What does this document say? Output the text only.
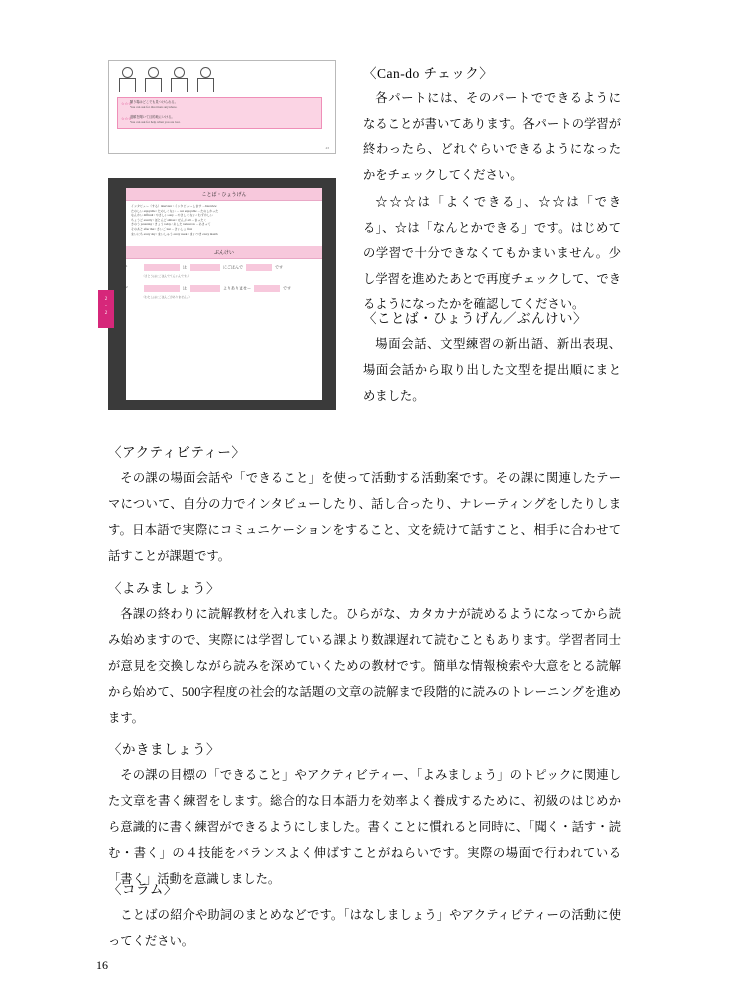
☆☆☆
顓り場はどこでも見つけられる。
You can ask for directions anywhere.
☆☆☆
道順を聞いて目的地にいける。
You can ask for help when you are lost.
43
2
-
2
ことば・ひょうげん
インタビュー（する）interview / インタビューします －Interview
たのしい enjoyable / たのしくない － not enjoyable －たのしかった
なんかい difficult / やさしい easy －やさしくない / むずかしい
ちょうど exactly / ほとんど almost / ぜんぶ all －まったく
きのう yesterday / きょう today / あした tomorrow －あさって
そのあと after that / さいご last －さいしょ first
まいにち every day / まいしゅう every week / まいつき every month
ぶんけい
1	は	にごほんで	です
（さとうはにごほんでてんいんです。）
2	は	よりありませー	です
（わたしはにごほんごがありません。）
〈Can-do チェック〉

各パートには、そのパートでできるようになることが書いてあります。各パートの学習が終わったら、どれぐらいできるようになったかをチェックしてください。

☆☆☆は「よくできる」、☆☆は「できる」、☆は「なんとかできる」です。はじめての学習で十分できなくてもかまいません。少し学習を進めたあとで再度チェックして、できるようになったかを確認してください。

〈ことば・ひょうげん／ぶんけい〉

場面会話、文型練習の新出語、新出表現、場面会話から取り出した文型を提出順にまとめました。

〈アクティビティー〉

その課の場面会話や「できること」を使って活動する活動案です。その課に関連したテーマについて、自分の力でインタビューしたり、話し合ったり、ナレーティングをしたりします。日本語で実際にコミュニケーションをすること、文を続けて話すこと、相手に合わせて話すことが課題です。

〈よみましょう〉

各課の終わりに読解教材を入れました。ひらがな、カタカナが読めるようになってから読み始めますので、実際には学習している課より数課遅れて読むこともあります。学習者同士が意見を交換しながら読みを深めていくための教材です。簡単な情報検索や大意をとる読解から始めて、500字程度の社会的な話題の文章の読解まで段階的に読みのトレーニングを進めます。

〈かきましょう〉

その課の目標の「できること」やアクティビティー、「よみましょう」のトピックに関連した文章を書く練習をします。総合的な日本語力を効率よく養成するために、初級のはじめから意識的に書く練習ができるようにしました。書くことに慣れると同時に、「聞く・話す・読む・書く」の４技能をバランスよく伸ばすことがねらいです。実際の場面で行われている「書く」活動を意識しました。

〈コラム〉

ことばの紹介や助詞のまとめなどです。「はなしましょう」やアクティビティーの活動に使ってください。

16
